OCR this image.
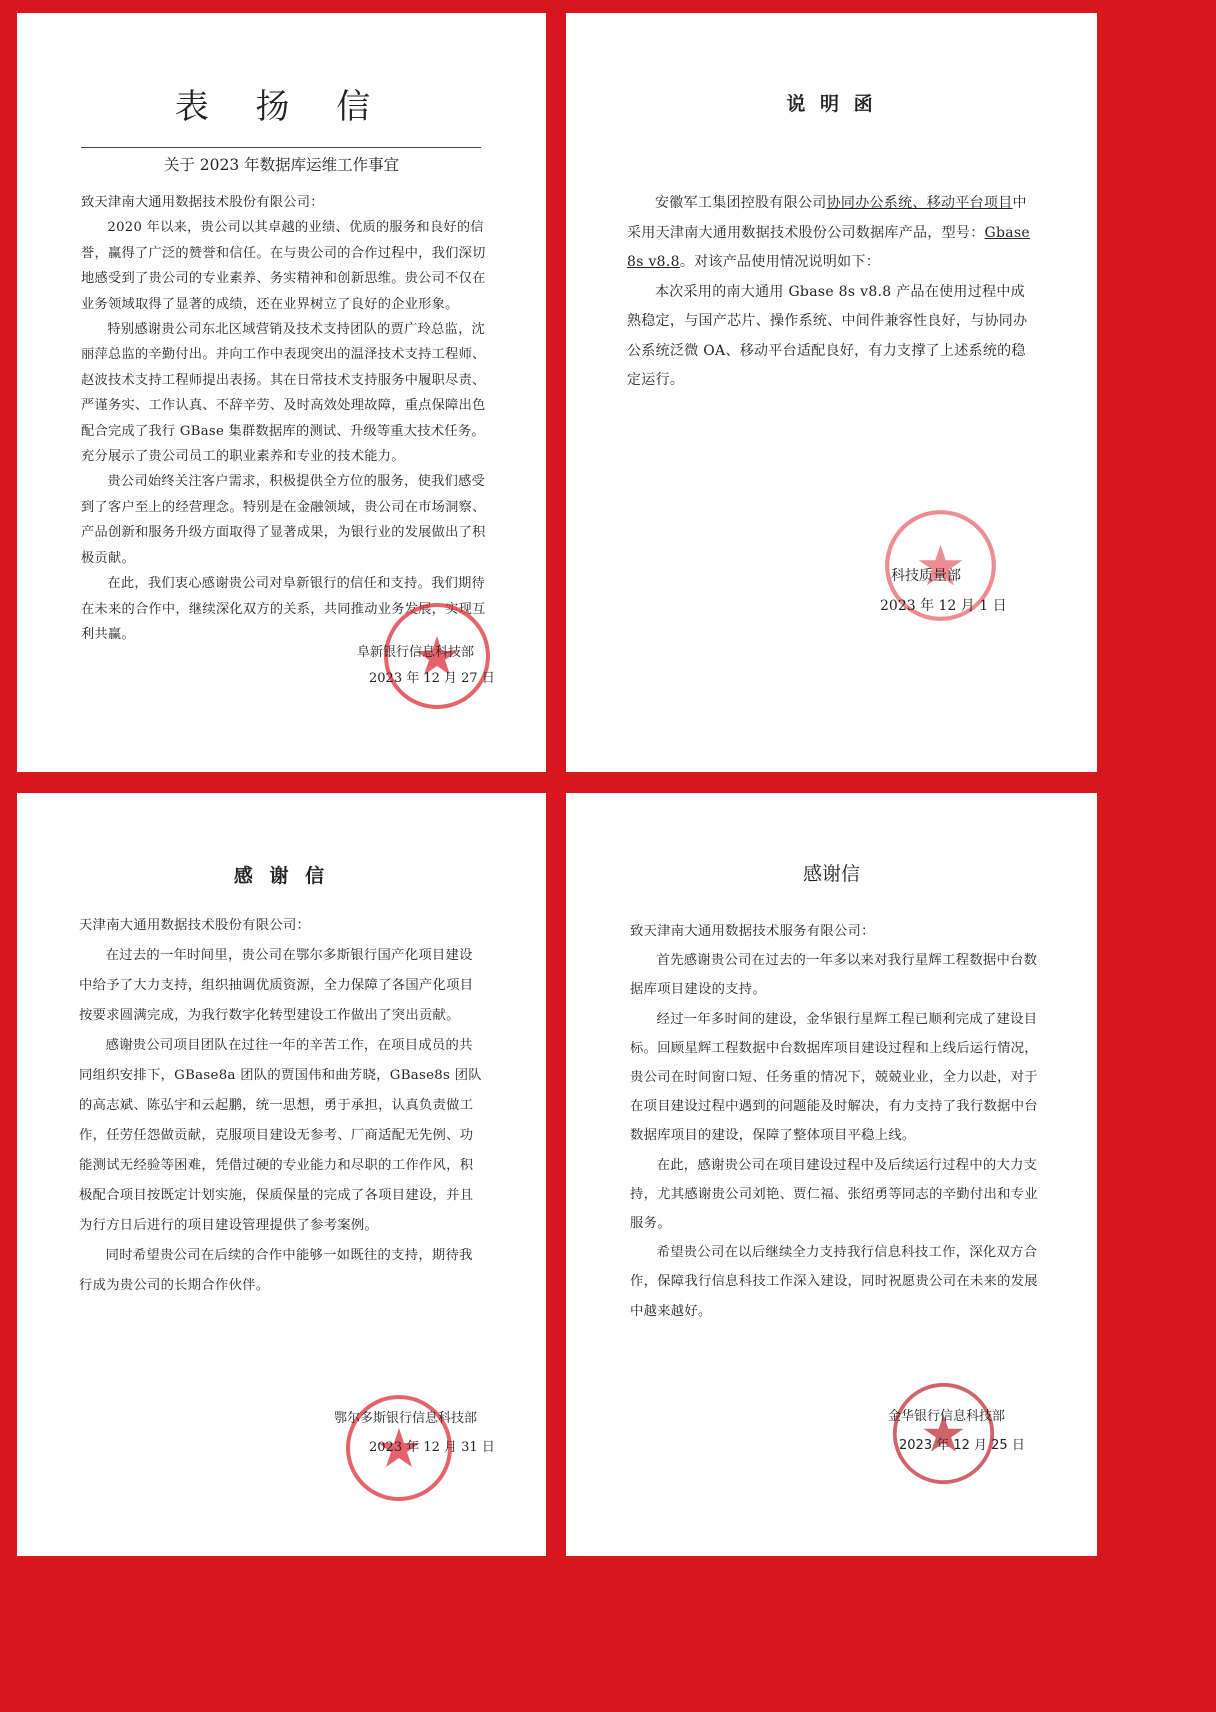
表 扬 信
关于 2023 年数据库运维工作事宜

致天津南大通用数据技术股份有限公司：

2020 年以来，贵公司以其卓越的业绩、优质的服务和良好的信誉，赢得了广泛的赞誉和信任。在与贵公司的合作过程中，我们深切地感受到了贵公司的专业素养、务实精神和创新思维。贵公司不仅在业务领域取得了显著的成绩，还在业界树立了良好的企业形象。

特别感谢贵公司东北区域营销及技术支持团队的贾广玲总监，沈丽萍总监的辛勤付出。并向工作中表现突出的温泽技术支持工程师、赵波技术支持工程师提出表扬。其在日常技术支持服务中履职尽责、严谨务实、工作认真、不辞辛劳、及时高效处理故障，重点保障出色配合完成了我行 GBase 集群数据库的测试、升级等重大技术任务。充分展示了贵公司员工的职业素养和专业的技术能力。

贵公司始终关注客户需求，积极提供全方位的服务，使我们感受到了客户至上的经营理念。特别是在金融领域，贵公司在市场洞察、产品创新和服务升级方面取得了显著成果，为银行业的发展做出了积极贡献。

在此，我们衷心感谢贵公司对阜新银行的信任和支持。我们期待在未来的合作中，继续深化双方的关系，共同推动业务发展，实现互利共赢。

阜新银行信息科技部
2023 年 12 月 27 日
说 明 函

安徽军工集团控股有限公司协同办公系统、移动平台项目中采用天津南大通用数据技术股份公司数据库产品，型号：Gbase 8s v8.8。对该产品使用情况说明如下：

本次采用的南大通用 Gbase 8s v8.8 产品在使用过程中成熟稳定，与国产芯片、操作系统、中间件兼容性良好，与协同办公系统泛微 OA、移动平台适配良好，有力支撑了上述系统的稳定运行。

科技质量部
2023 年 12 月 1 日
感 谢 信

天津南大通用数据技术股份有限公司：

在过去的一年时间里，贵公司在鄂尔多斯银行国产化项目建设中给予了大力支持，组织抽调优质资源，全力保障了各国产化项目按要求圆满完成，为我行数字化转型建设工作做出了突出贡献。

感谢贵公司项目团队在过往一年的辛苦工作，在项目成员的共同组织安排下，GBase8a 团队的贾国伟和曲芳晓，GBase8s 团队的高志斌、陈弘宇和云起鹏，统一思想，勇于承担，认真负责做工作，任劳任怨做贡献，克服项目建设无参考、厂商适配无先例、功能测试无经验等困难，凭借过硬的专业能力和尽职的工作作风，积极配合项目按既定计划实施，保质保量的完成了各项目建设，并且为行方日后进行的项目建设管理提供了参考案例。

同时希望贵公司在后续的合作中能够一如既往的支持，期待我行成为贵公司的长期合作伙伴。

鄂尔多斯银行信息科技部
2023 年 12 月 31 日
感谢信

致天津南大通用数据技术服务有限公司：

首先感谢贵公司在过去的一年多以来对我行星辉工程数据中台数据库项目建设的支持。

经过一年多时间的建设，金华银行星辉工程已顺利完成了建设目标。回顾星辉工程数据中台数据库项目建设过程和上线后运行情况，贵公司在时间窗口短、任务重的情况下，兢兢业业，全力以赴，对于在项目建设过程中遇到的问题能及时解决，有力支持了我行数据中台数据库项目的建设，保障了整体项目平稳上线。

在此，感谢贵公司在项目建设过程中及后续运行过程中的大力支持，尤其感谢贵公司刘艳、贾仁福、张绍勇等同志的辛勤付出和专业服务。

希望贵公司在以后继续全力支持我行信息科技工作，深化双方合作，保障我行信息科技工作深入建设，同时祝愿贵公司在未来的发展中越来越好。

金华银行信息科技部
2023 年 12 月 25 日
